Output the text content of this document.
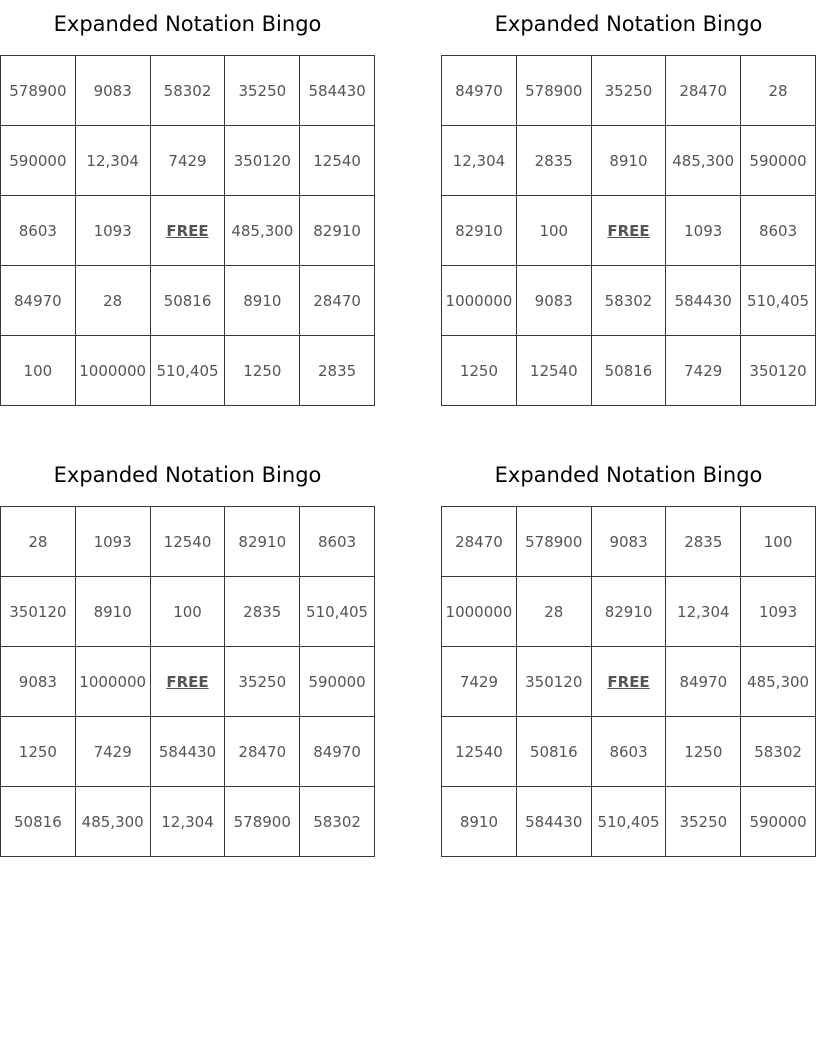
Expanded Notation Bingo
578900	9083	58302	35250	584430
590000	12,304	7429	350120	12540
8603	1093	FREE	485,300	82910
84970	28	50816	8910	28470
100	1000000	510,405	1250	2835
Expanded Notation Bingo
84970	578900	35250	28470	28
12,304	2835	8910	485,300	590000
82910	100	FREE	1093	8603
1000000	9083	58302	584430	510,405
1250	12540	50816	7429	350120
Expanded Notation Bingo
28	1093	12540	82910	8603
350120	8910	100	2835	510,405
9083	1000000	FREE	35250	590000
1250	7429	584430	28470	84970
50816	485,300	12,304	578900	58302
Expanded Notation Bingo
28470	578900	9083	2835	100
1000000	28	82910	12,304	1093
7429	350120	FREE	84970	485,300
12540	50816	8603	1250	58302
8910	584430	510,405	35250	590000
